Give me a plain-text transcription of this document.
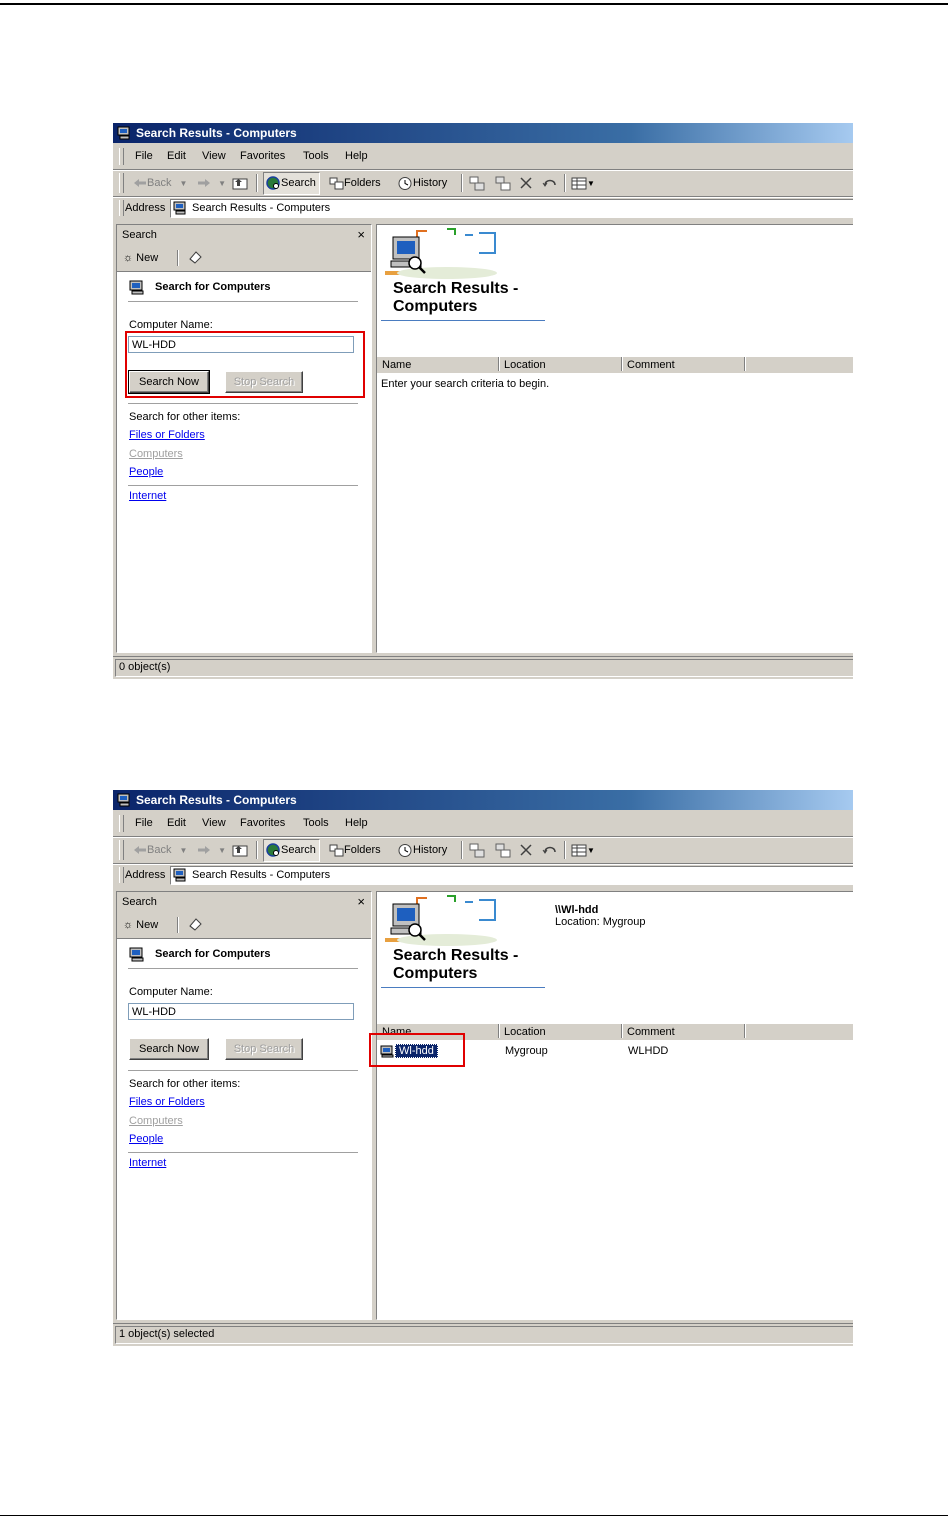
Search Results - Computers
File Edit View Favorites Tools Help
Back ▼	▼	Search	Folders	History	▼
Address Search Results - Computers
Search	×
☼ New
Search for Computers
Computer Name:
WL-HDD
Search Now	Stop Search
Search for other items:
Files or Folders
Computers
People
Internet
Search Results -
Computers
Name	Location	Comment
Enter your search criteria to begin.
0 object(s)
Search Results - Computers
File Edit View Favorites Tools Help
Back ▼	▼	Search	Folders	History	▼
Address Search Results - Computers
Search	×
☼ New
Search for Computers
Computer Name:
WL-HDD
Search Now	Stop Search
Search for other items:
Files or Folders
Computers
People
Internet
\\Wl-hdd
Location: Mygroup
Search Results -
Computers
Name	Location	Comment
Wl-hdd	Mygroup	WLHDD
1 object(s) selected
